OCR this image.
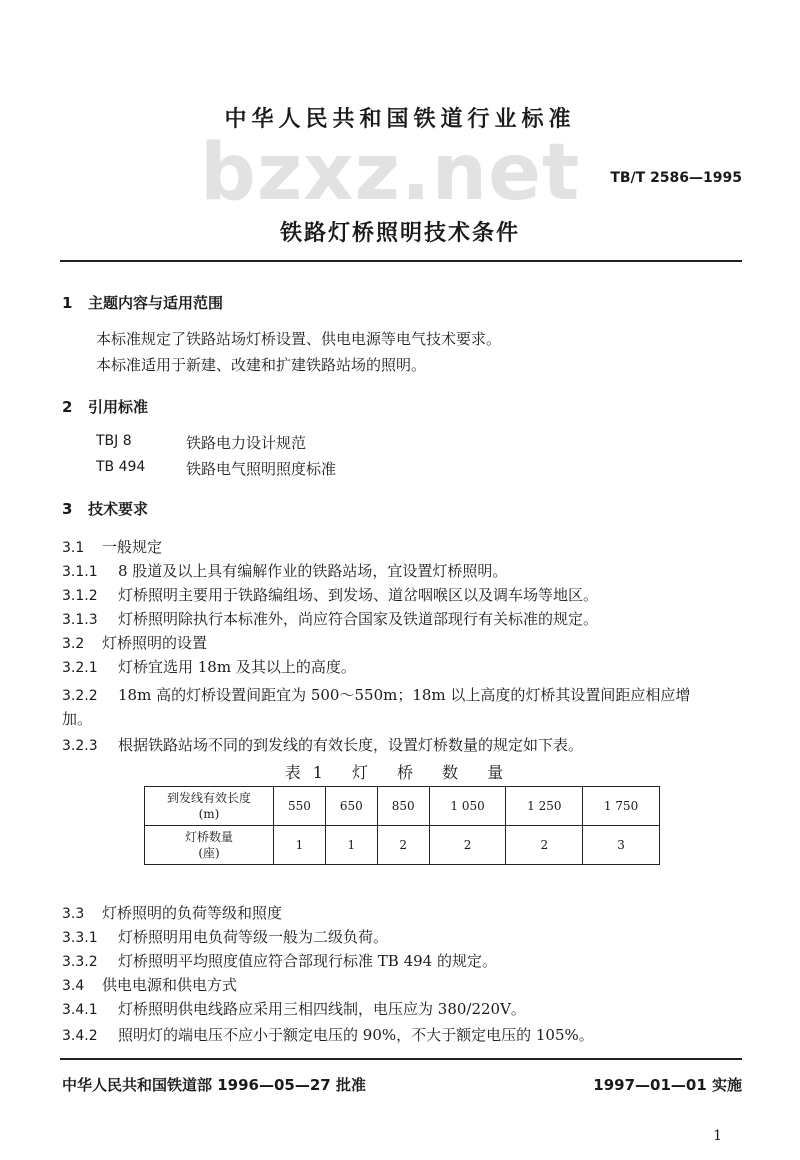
中华人民共和国铁道行业标准
bzxz.net TB/T 2586—1995
铁路灯桥照明技术条件
1 主题内容与适用范围
本标准规定了铁路站场灯桥设置、供电电源等电气技术要求。
本标准适用于新建、改建和扩建铁路站场的照明。
2 引用标准
TBJ 8	铁路电力设计规范
TB 494	铁路电气照明照度标准
3 技术要求
3.1 一般规定
3.1.1 8 股道及以上具有编解作业的铁路站场，宜设置灯桥照明。
3.1.2 灯桥照明主要用于铁路编组场、到发场、道岔咽喉区以及调车场等地区。
3.1.3 灯桥照明除执行本标准外，尚应符合国家及铁道部现行有关标准的规定。
3.2 灯桥照明的设置
3.2.1 灯桥宜选用 18m 及其以上的高度。
3.2.2 18m 高的灯桥设置间距宜为 500～550m；18m 以上高度的灯桥其设置间距应相应增
加。
3.2.3 根据铁路站场不同的到发线的有效长度，设置灯桥数量的规定如下表。
表1 灯 桥 数 量
到发线有效长度
(m)	550	650	850	1 050	1 250	1 750

灯桥数量
(座)	1	1	2	2	2	3
3.3 灯桥照明的负荷等级和照度
3.3.1 灯桥照明用电负荷等级一般为二级负荷。
3.3.2 灯桥照明平均照度值应符合部现行标准 TB 494 的规定。
3.4 供电电源和供电方式
3.4.1 灯桥照明供电线路应采用三相四线制，电压应为 380/220V。
3.4.2 照明灯的端电压不应小于额定电压的 90%，不大于额定电压的 105%。
中华人民共和国铁道部 1996—05—27 批准	1997—01—01 实施
1
